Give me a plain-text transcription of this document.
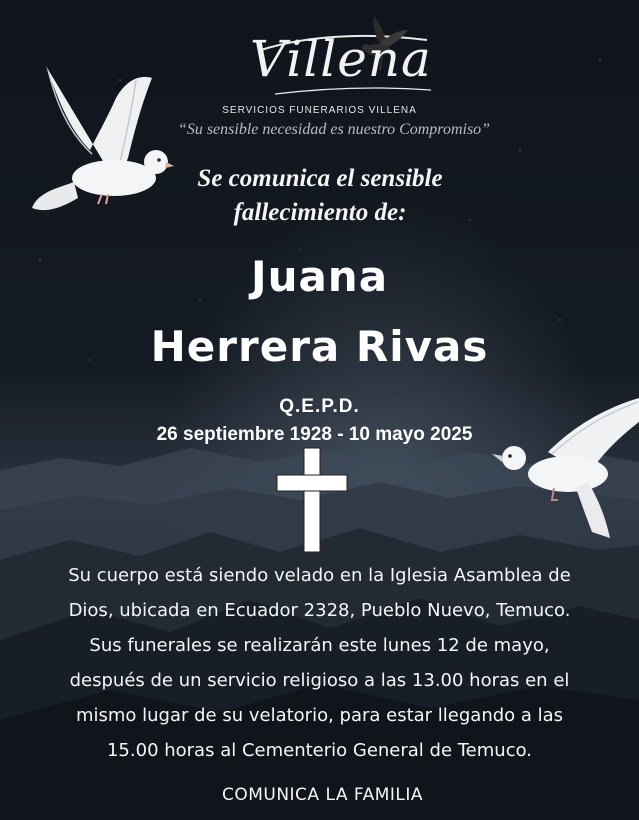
Villena
SERVICIOS FUNERARIOS VILLENA
“Su sensible necesidad es nuestro Compromiso”
Se comunica el sensible
fallecimiento de:
Juana
Herrera Rivas
Q.E.P.D.
26 septiembre 1928 - 10 mayo 2025
Su cuerpo está siendo velado en la Iglesia Asamblea de
Dios, ubicada en Ecuador 2328, Pueblo Nuevo, Temuco.
Sus funerales se realizarán este lunes 12 de mayo,
después de un servicio religioso a las 13.00 horas en el
mismo lugar de su velatorio, para estar llegando a las
15.00 horas al Cementerio General de Temuco.
COMUNICA LA FAMILIA
